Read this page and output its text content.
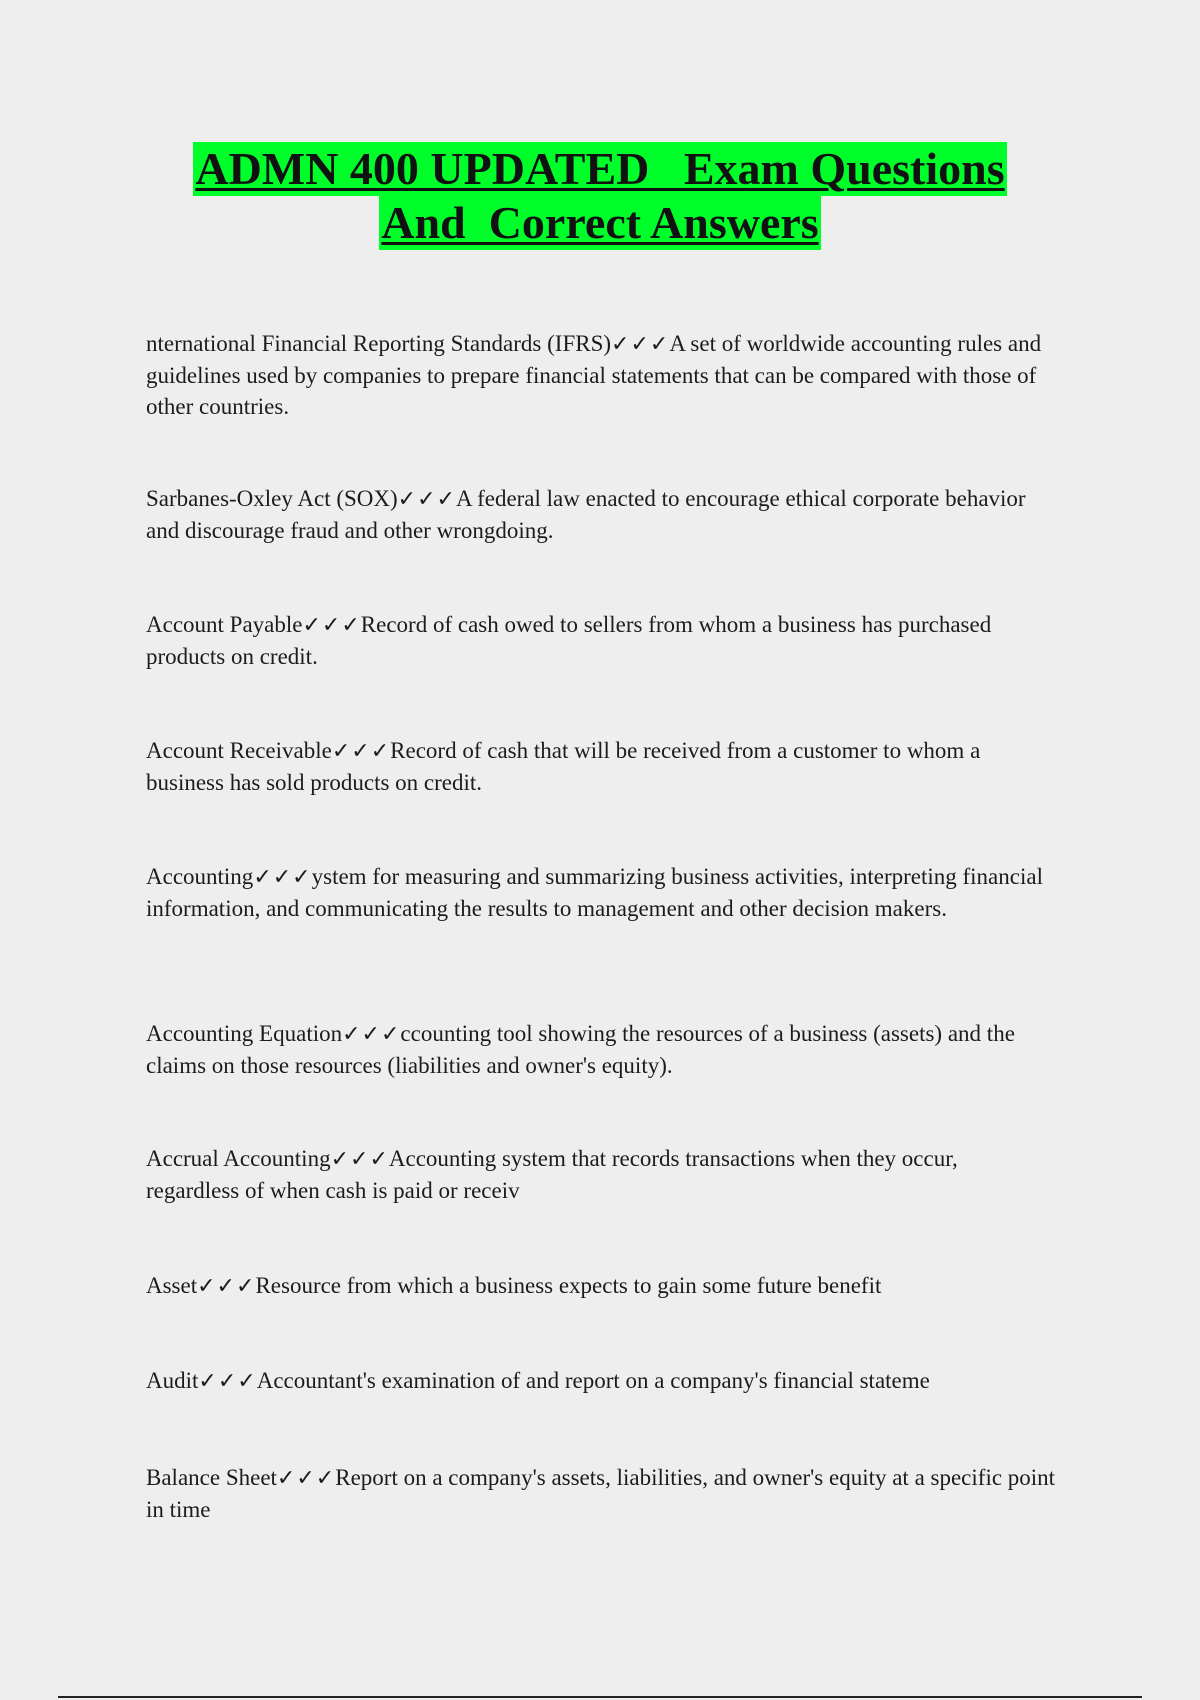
ADMN 400 UPDATED   Exam Questions
And  Correct Answers
nternational Financial Reporting Standards (IFRS)✓✓✓A set of worldwide accounting rules and guidelines used by companies to prepare financial statements that can be compared with those of other countries.
Sarbanes-Oxley Act (SOX)✓✓✓A federal law enacted to encourage ethical corporate behavior and discourage fraud and other wrongdoing.
Account Payable✓✓✓Record of cash owed to sellers from whom a business has purchased products on credit.
Account Receivable✓✓✓Record of cash that will be received from a customer to whom a business has sold products on credit.
Accounting✓✓✓ystem for measuring and summarizing business activities, interpreting financial information, and communicating the results to management and other decision makers.
Accounting Equation✓✓✓ccounting tool showing the resources of a business (assets) and the claims on those resources (liabilities and owner's equity).
Accrual Accounting✓✓✓Accounting system that records transactions when they occur, regardless of when cash is paid or receiv
Asset✓✓✓Resource from which a business expects to gain some future benefit
Audit✓✓✓Accountant's examination of and report on a company's financial stateme
Balance Sheet✓✓✓Report on a company's assets, liabilities, and owner's equity at a specific point in time
